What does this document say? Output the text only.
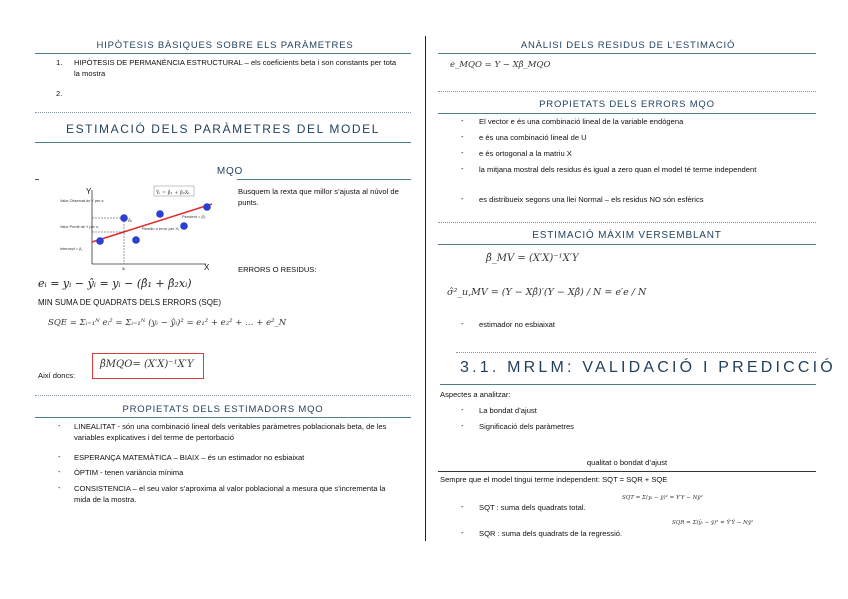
HIPÒTESIS BÀSIQUES SOBRE ELS PARÀMETRES
1. HIPÒTESIS DE PERMANÈNCIA ESTRUCTURAL – els coeficients beta i son constants per tota la mostra
2.
ESTIMACIÓ DELS PARÀMETRES DEL MODEL
MQO
Y
X
Ŷᵢ = β̂₁ + β̂₂Xᵢ
Valor Observat de Y per xᵢ
Valor Predit de Y per xᵢ
Intercept = β₁
Residu o error per Xᵢ
Pendent = β̂₂
êᵢ
xᵢ
Busquem la rexta que millor s’ajusta al núvol de punts.
ERRORS O RESIDUS:
eᵢ = yᵢ − ŷᵢ = yᵢ − (β̂₁ + β̂₂xᵢ)
MIN SUMA DE QUADRATS DELS ERRORS (SQE)
SQE = Σᵢ₌₁ᴺ eᵢ² = Σᵢ₌₁ᴺ (yᵢ − ŷᵢ)² = e₁² + e₂² + … + e²_N
Així doncs:
β̂MQO= (X′X)⁻¹X′Y
PROPIETATS DELS ESTIMADORS MQO
- LINEALITAT - són una combinació lineal dels veritables paràmetres poblacionals beta, de les variables explicatives i del terme de pertorbació
- ESPERANÇA MATEMÀTICA – BIAIX – és un estimador no esbiaixat
- ÒPTIM - tenen variància mínima
- CONSISTENCIA – el seu valor s’aproxima al valor poblacional a mesura que s’incrementa la mida de la mostra.
ANÀLISI DELS RESIDUS DE L’ESTIMACIÓ
e_MQO = Y − Xβ̂_MQO
PROPIETATS DELS ERRORS MQO
- El vector e és una combinació lineal de la variable endògena
- e és una combinació lineal de U
- e és ortogonal a la matriu X
- la mitjana mostral dels residus és igual a zero quan el model té terme independent
- es distribueix segons una llei Normal – els residus NO són esfèrics
ESTIMACIÓ MÀXIM VERSEMBLANT
β̂_MV = (X′X)⁻¹X′Y
σ̂²_u,MV = (Y − Xβ̂)′(Y − Xβ̂) / N = e′e / N
- estimador no esbiaixat
3.1. MRLM: VALIDACIÓ I PREDICCIÓ
Aspectes a analitzar:
- La bondat d’ajust
- Significació dels paràmetres
qualitat o bondat d’ajust
Sempre que el model tingui terme independent: SQT = SQR + SQE
- SQT : suma dels quadrats total.
SQT = Σ(yᵢ − ȳ)² = Y′Y − Nȳ²
- SQR : suma dels quadrats de la regressió.
SQR = Σ(ŷᵢ − ȳ)² = Ŷ′Ŷ − Nȳ²
